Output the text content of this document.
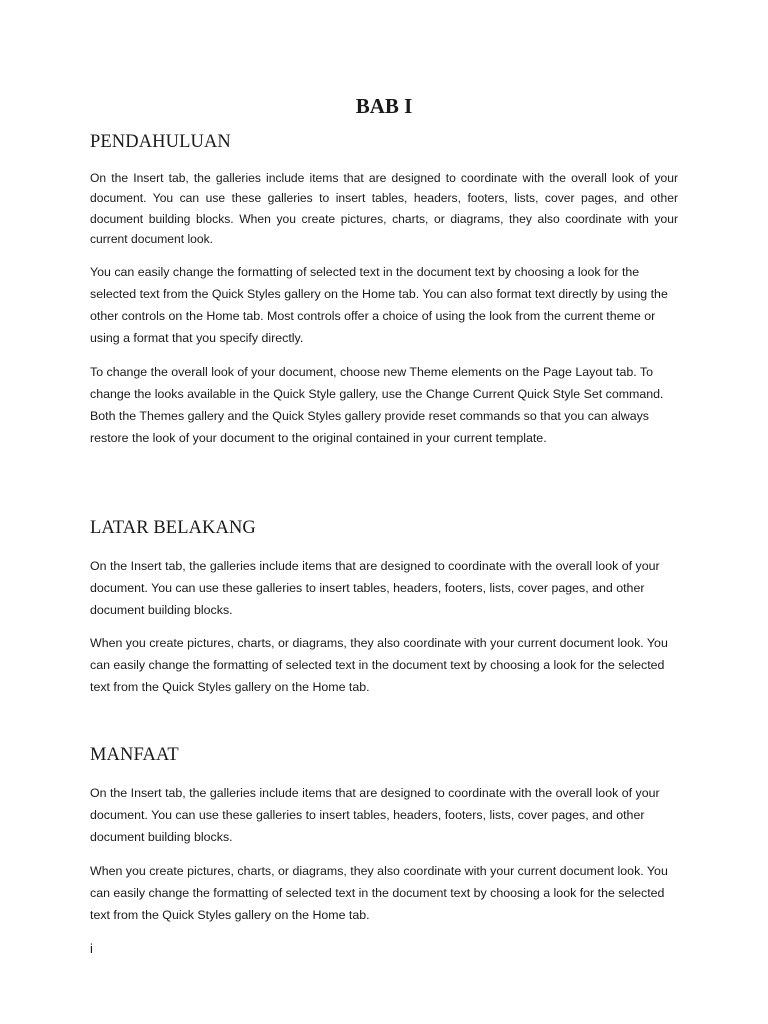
BAB I
PENDAHULUAN

On the Insert tab, the galleries include items that are designed to coordinate with the overall look of your document. You can use these galleries to insert tables, headers, footers, lists, cover pages, and other document building blocks. When you create pictures, charts, or diagrams, they also coordinate with your current document look.

You can easily change the formatting of selected text in the document text by choosing a look for the selected text from the Quick Styles gallery on the Home tab. You can also format text directly by using the other controls on the Home tab. Most controls offer a choice of using the look from the current theme or using a format that you specify directly.

To change the overall look of your document, choose new Theme elements on the Page Layout tab. To change the looks available in the Quick Style gallery, use the Change Current Quick Style Set command. Both the Themes gallery and the Quick Styles gallery provide reset commands so that you can always restore the look of your document to the original contained in your current template.

LATAR BELAKANG

On the Insert tab, the galleries include items that are designed to coordinate with the overall look of your document. You can use these galleries to insert tables, headers, footers, lists, cover pages, and other document building blocks.

When you create pictures, charts, or diagrams, they also coordinate with your current document look. You can easily change the formatting of selected text in the document text by choosing a look for the selected text from the Quick Styles gallery on the Home tab.

MANFAAT

On the Insert tab, the galleries include items that are designed to coordinate with the overall look of your document. You can use these galleries to insert tables, headers, footers, lists, cover pages, and other document building blocks.

When you create pictures, charts, or diagrams, they also coordinate with your current document look. You can easily change the formatting of selected text in the document text by choosing a look for the selected text from the Quick Styles gallery on the Home tab.

i
